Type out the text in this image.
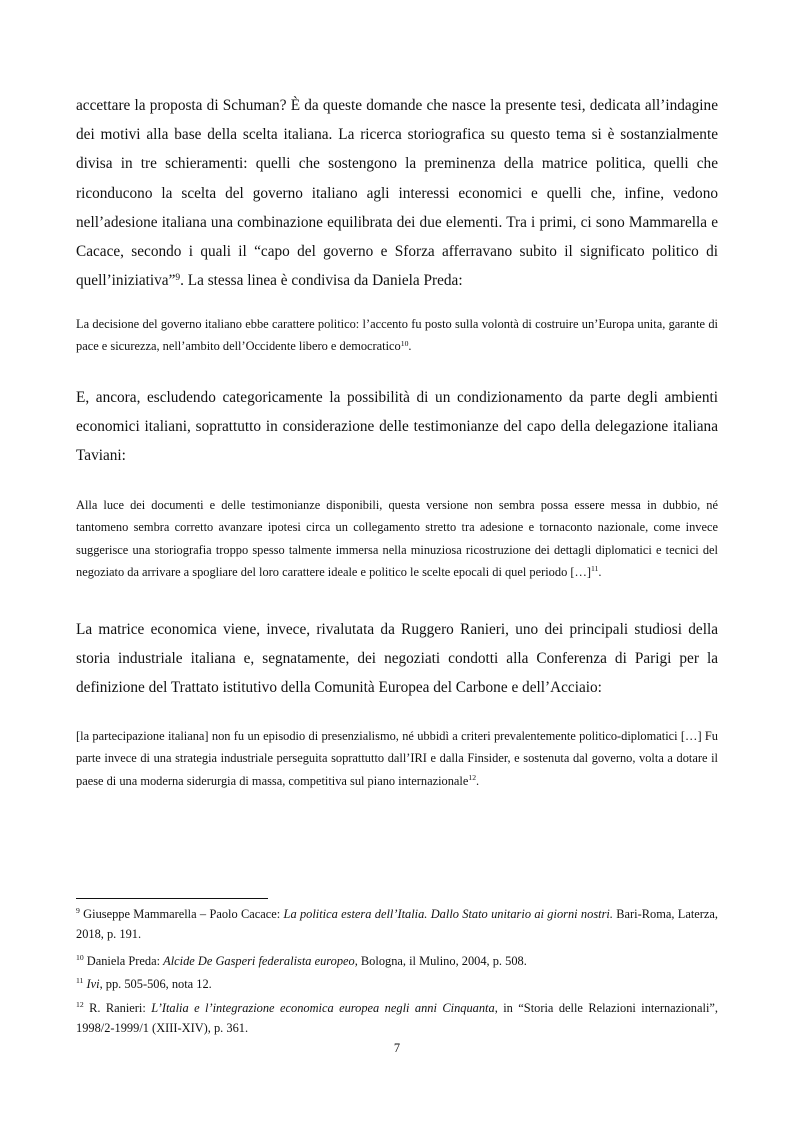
accettare la proposta di Schuman? È da queste domande che nasce la presente tesi, dedicata all’indagine dei motivi alla base della scelta italiana. La ricerca storiografica su questo tema si è sostanzialmente divisa in tre schieramenti: quelli che sostengono la preminenza della matrice politica, quelli che riconducono la scelta del governo italiano agli interessi economici e quelli che, infine, vedono nell’adesione italiana una combinazione equilibrata dei due elementi. Tra i primi, ci sono Mammarella e Cacace, secondo i quali il “capo del governo e Sforza afferravano subito il significato politico di quell’iniziativa”$^9$. La stessa linea è condivisa da Daniela Preda:

La decisione del governo italiano ebbe carattere politico: l’accento fu posto sulla volontà di costruire un’Europa unita, garante di pace e sicurezza, nell’ambito dell’Occidente libero e democratico$^{10}$.

E, ancora, escludendo categoricamente la possibilità di un condizionamento da parte degli ambienti economici italiani, soprattutto in considerazione delle testimonianze del capo della delegazione italiana Taviani:

Alla luce dei documenti e delle testimonianze disponibili, questa versione non sembra possa essere messa in dubbio, né tantomeno sembra corretto avanzare ipotesi circa un collegamento stretto tra adesione e tornaconto nazionale, come invece suggerisce una storiografia troppo spesso talmente immersa nella minuziosa ricostruzione dei dettagli diplomatici e tecnici del negoziato da arrivare a spogliare del loro carattere ideale e politico le scelte epocali di quel periodo […]$^{11}$.

La matrice economica viene, invece, rivalutata da Ruggero Ranieri, uno dei principali studiosi della storia industriale italiana e, segnatamente, dei negoziati condotti alla Conferenza di Parigi per la definizione del Trattato istitutivo della Comunità Europea del Carbone e dell’Acciaio:

[la partecipazione italiana] non fu un episodio di presenzialismo, né ubbidì a criteri prevalentemente politico-diplomatici […] Fu parte invece di una strategia industriale perseguita soprattutto dall’IRI e dalla Finsider, e sostenuta dal governo, volta a dotare il paese di una moderna siderurgia di massa, competitiva sul piano internazionale$^{12}$.

$^9$ Giuseppe Mammarella – Paolo Cacace: La politica estera dell’Italia. Dallo Stato unitario ai giorni nostri. Bari-Roma, Laterza, 2018, p. 191.

$^{10}$ Daniela Preda: Alcide De Gasperi federalista europeo, Bologna, il Mulino, 2004, p. 508.

$^{11}$ Ivi, pp. 505-506, nota 12.

$^{12}$ R. Ranieri: L’Italia e l’integrazione economica europea negli anni Cinquanta, in “Storia delle Relazioni internazionali”, 1998/2-1999/1 (XIII-XIV), p. 361.

7
